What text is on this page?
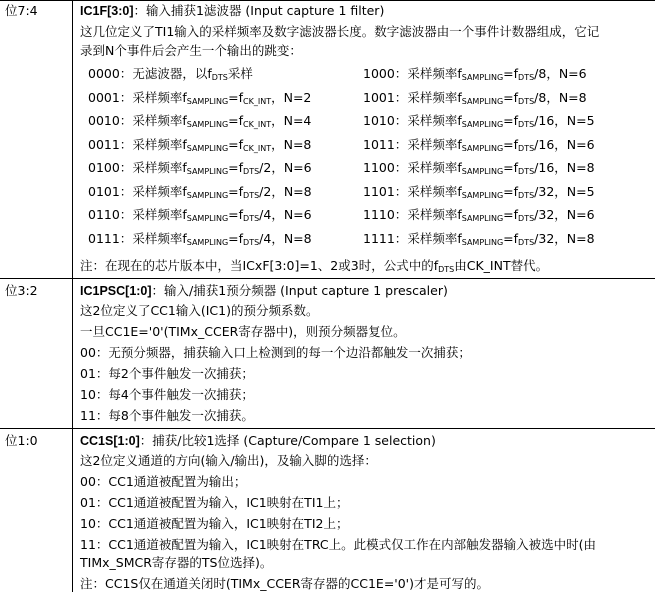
位7:4	IC1F[3:0]：输入捕获1滤波器 (Input capture 1 filter)
这几位定义了TI1输入的采样频率及数字滤波器长度。数字滤波器由一个事件计数器组成，它记
录到N个事件后会产生一个输出的跳变：
0000：无滤波器，以$f_{DTS}$采样	1000：采样频率$f_{SAMPLING}=f_{DTS}/8$，N=6
0001：采样频率$f_{SAMPLING}=f_{CK\_INT}$，N=2	1001：采样频率$f_{SAMPLING}=f_{DTS}/8$，N=8
0010：采样频率$f_{SAMPLING}=f_{CK\_INT}$，N=4	1010：采样频率$f_{SAMPLING}=f_{DTS}/16$，N=5
0011：采样频率$f_{SAMPLING}=f_{CK\_INT}$，N=8	1011：采样频率$f_{SAMPLING}=f_{DTS}/16$，N=6
0100：采样频率$f_{SAMPLING}=f_{DTS}/2$，N=6	1100：采样频率$f_{SAMPLING}=f_{DTS}/16$，N=8
0101：采样频率$f_{SAMPLING}=f_{DTS}/2$，N=8	1101：采样频率$f_{SAMPLING}=f_{DTS}/32$，N=5
0110：采样频率$f_{SAMPLING}=f_{DTS}/4$，N=6	1110：采样频率$f_{SAMPLING}=f_{DTS}/32$，N=6
0111：采样频率$f_{SAMPLING}=f_{DTS}/4$，N=8	1111：采样频率$f_{SAMPLING}=f_{DTS}/32$，N=8
注：在现在的芯片版本中，当ICxF[3:0]=1、2或3时，公式中的$f_{DTS}$由CK_INT替代。
位3:2	IC1PSC[1:0]：输入/捕获1预分频器 (Input capture 1 prescaler)
这2位定义了CC1输入(IC1)的预分频系数。
一旦CC1E='0'(TIMx_CCER寄存器中)，则预分频器复位。
00：无预分频器，捕获输入口上检测到的每一个边沿都触发一次捕获；
01：每2个事件触发一次捕获；
10：每4个事件触发一次捕获；
11：每8个事件触发一次捕获。
位1:0	CC1S[1:0]：捕获/比较1选择 (Capture/Compare 1 selection)
这2位定义通道的方向(输入/输出)，及输入脚的选择：
00：CC1通道被配置为输出；
01：CC1通道被配置为输入，IC1映射在TI1上；
10：CC1通道被配置为输入，IC1映射在TI2上；
11：CC1通道被配置为输入，IC1映射在TRC上。此模式仅工作在内部触发器输入被选中时(由
TIMx_SMCR寄存器的TS位选择)。
注：CC1S仅在通道关闭时(TIMx_CCER寄存器的CC1E='0')才是可写的。
